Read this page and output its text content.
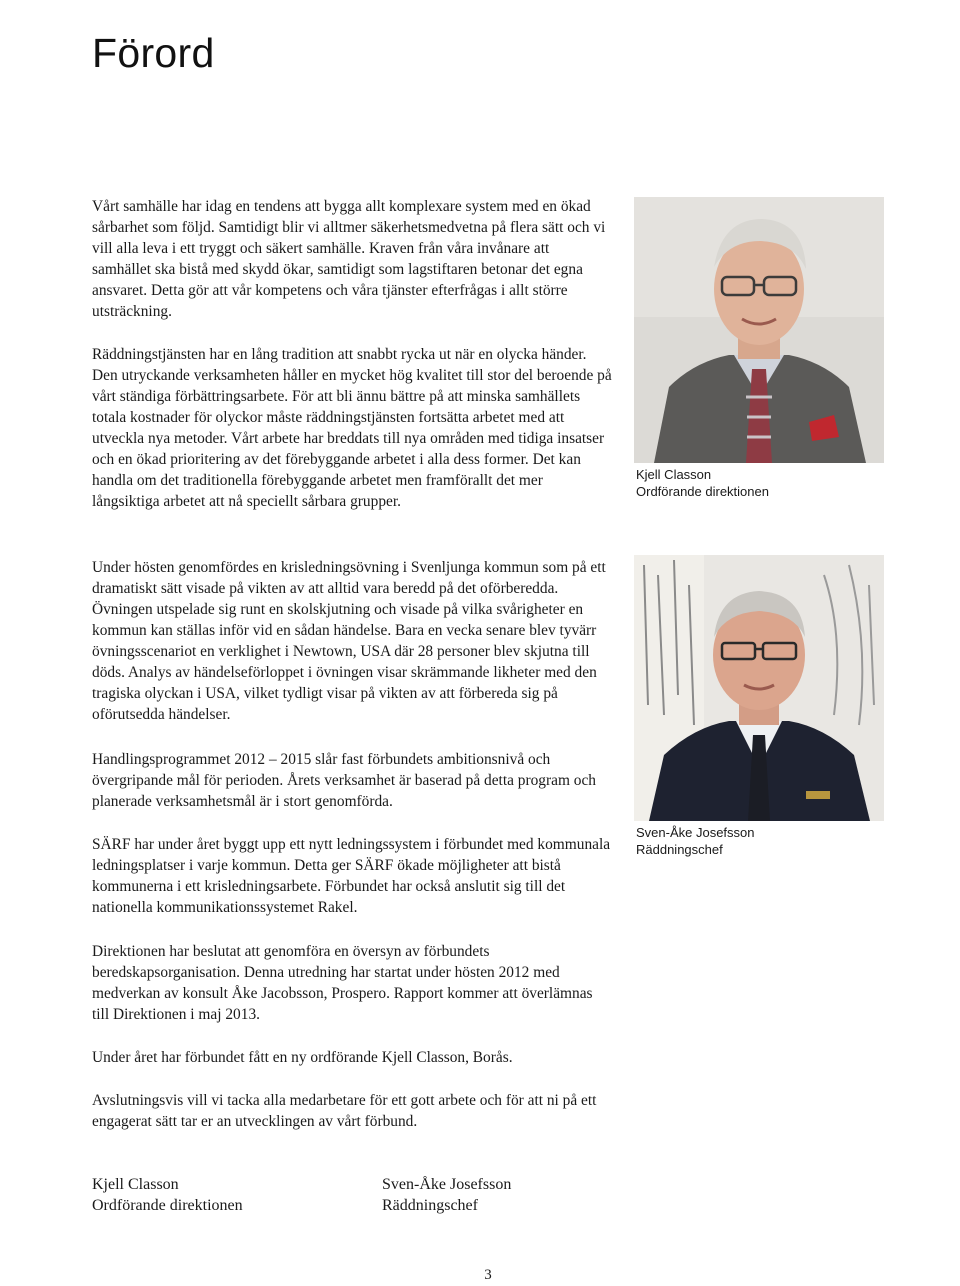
Förord

Vårt samhälle har idag en tendens att bygga allt komplexare system med en ökad sårbarhet som följd. Samtidigt blir vi alltmer säkerhetsmedvetna på flera sätt och vi vill alla leva i ett tryggt och säkert samhälle. Kraven från våra invånare att samhället ska bistå med skydd ökar, samtidigt som lagstiftaren betonar det egna ansvaret. Detta gör att vår kompetens och våra tjänster efterfrågas i allt större utsträckning.

Räddningstjänsten har en lång tradition att snabbt rycka ut när en olycka händer. Den utryckande verksamheten håller en mycket hög kvalitet till stor del beroende på vårt ständiga förbättringsarbete. För att bli ännu bättre på att minska samhällets totala kostnader för olyckor måste räddningstjänsten fortsätta arbetet med att utveckla nya metoder. Vårt arbete har breddats till nya områden med tidiga insatser och en ökad prioritering av det förebyggande arbetet i alla dess former. Det kan handla om det traditionella förebyggande arbetet men framförallt det mer långsiktiga arbetet att nå speciellt sårbara grupper.

Under hösten genomfördes en krisledningsövning i Svenljunga kommun som på ett dramatiskt sätt visade på vikten av att alltid vara beredd på det oförberedda. Övningen utspelade sig runt en skolskjutning och visade på vilka svårigheter en kommun kan ställas inför vid en sådan händelse. Bara en vecka senare blev tyvärr övningsscenariot en verklighet i Newtown, USA där 28 personer blev skjutna till döds. Analys av händelseförloppet i övningen visar skrämmande likheter med den tragiska olyckan i USA, vilket tydligt visar på vikten av att förbereda sig på oförutsedda händelser.

Handlingsprogrammet 2012 – 2015 slår fast förbundets ambitionsnivå och övergripande mål för perioden. Årets verksamhet är baserad på detta program och planerade verksamhetsmål är i stort genomförda.

SÄRF har under året byggt upp ett nytt ledningssystem i förbundet med kommunala ledningsplatser i varje kommun. Detta ger SÄRF ökade möjligheter att bistå kommunerna i ett krisledningsarbete. Förbundet har också anslutit sig till det nationella kommunikationssystemet Rakel.

Direktionen har beslutat att genomföra en översyn av förbundets beredskapsorganisation. Denna utredning har startat under hösten 2012 med medverkan av konsult Åke Jacobsson, Prospero. Rapport kommer att överlämnas till Direktionen i maj 2013.

Under året har förbundet fått en ny ordförande Kjell Classon, Borås.

Avslutningsvis vill vi tacka alla medarbetare för ett gott arbete och för att ni på ett engagerat sätt tar er an utvecklingen av vårt förbund.

Kjell Classon
Ordförande direktionen
Sven-Åke Josefsson
Räddningschef
Kjell Classon
Ordförande direktionen
Sven-Åke Josefsson
Räddningschef
3
